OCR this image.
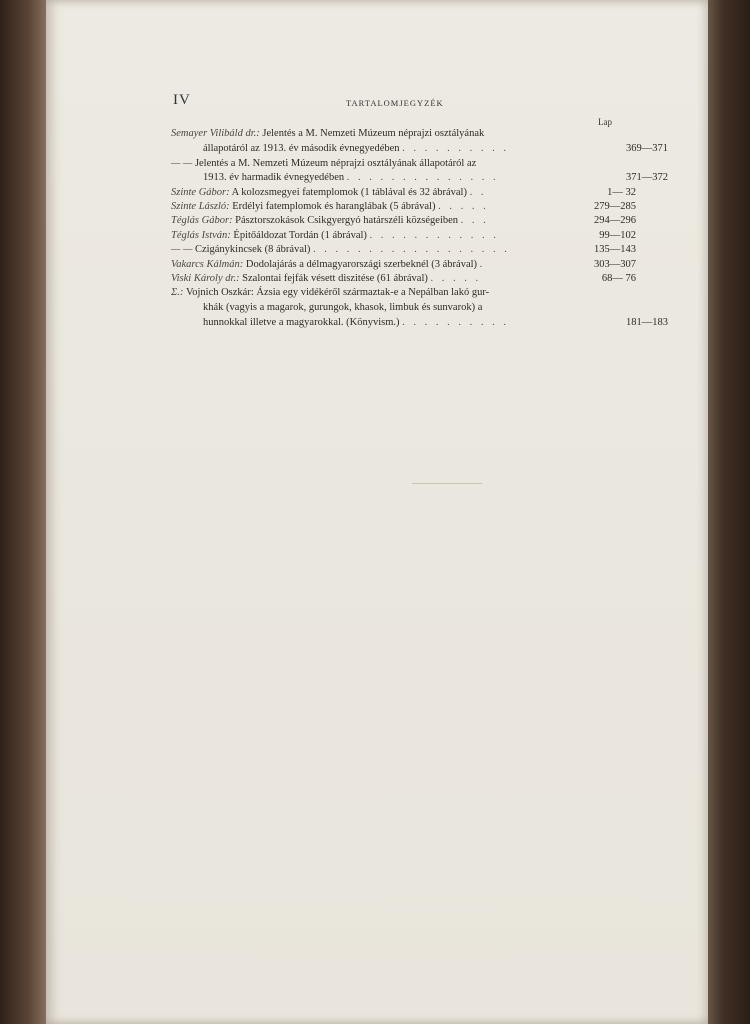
IV	TARTALOMJEGYZÉK
Lap
Semayer Vilibáld dr.: Jelentés a M. Nemzeti Múzeum néprajzi osztályának
állapotáról az 1913. év második évnegyedében . . . . . . . . . .	369—371
— — Jelentés a M. Nemzeti Múzeum néprajzi osztályának állapotáról az
1913. év harmadik évnegyedében . . . . . . . . . . . . . .	371—372
Szinte Gábor: A kolozsmegyei fatemplomok (1 táblával és 32 ábrával) . .	1— 32
Szinte László: Erdélyi fatemplomok és haranglábak (5 ábrával) . . . . .	279—285
Téglás Gábor: Pásztorszokások Csikgyergyó határszéli községeiben . . .	294—296
Téglás István: Épitőáldozat Tordán (1 ábrával) . . . . . . . . . . . .	99—102
— — Czigánykincsek (8 ábrával) . . . . . . . . . . . . . . . . . .	135—143
Vakarcs Kálmán: Dodolajárás a délmagyarországi szerbeknél (3 ábrával) .	303—307
Viski Károly dr.: Szalontai fejfák vésett diszitése (61 ábrával) . . . . .	68— 76
Σ.: Vojnich Oszkár: Ázsia egy vidékéről származtak-e a Nepálban lakó gur-
khák (vagyis a magarok, gurungok, khasok, limbuk és sunvarok) a
hunnokkal illetve a magyarokkal. (Könyvism.) . . . . . . . . . .	181—183
